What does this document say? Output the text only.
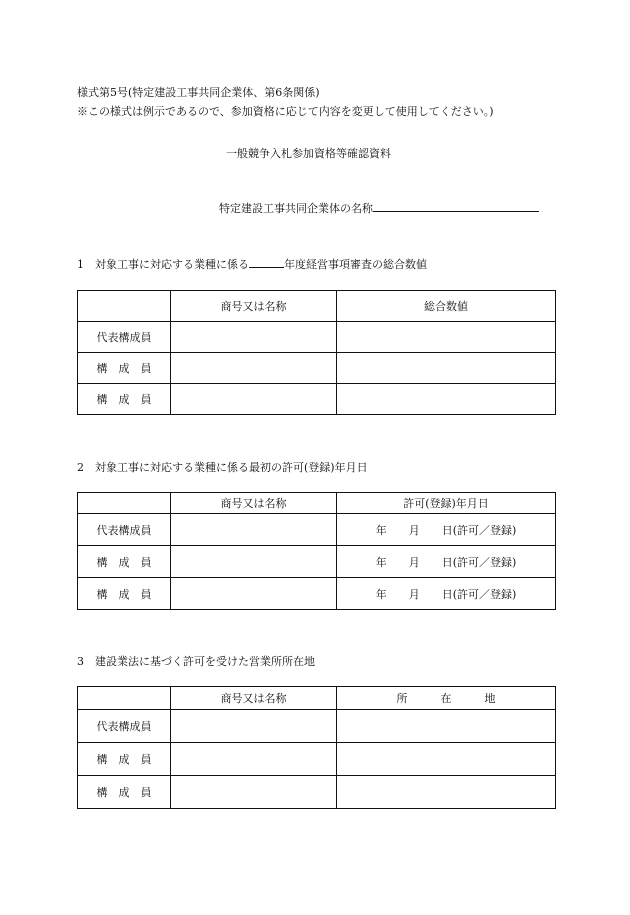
様式第5号(特定建設工事共同企業体、第6条関係)
※この様式は例示であるので、参加資格に応じて内容を変更して使用してください。)
一般競争入札参加資格等確認資料
特定建設工事共同企業体の名称
1　対象工事に対応する業種に係る	年度経営事項審査の総合数値
	商号又は名称	総合数値
代表構成員		
構　成　員		
構　成　員		
2　対象工事に対応する業種に係る最初の許可(登録)年月日
	商号又は名称	許可(登録)年月日
代表構成員		年　　月　　日(許可／登録)
構　成　員		年　　月　　日(許可／登録)
構　成　員		年　　月　　日(許可／登録)
3　建設業法に基づく許可を受けた営業所所在地
	商号又は名称	所　　　在　　　地
代表構成員		
構　成　員		
構　成　員		
